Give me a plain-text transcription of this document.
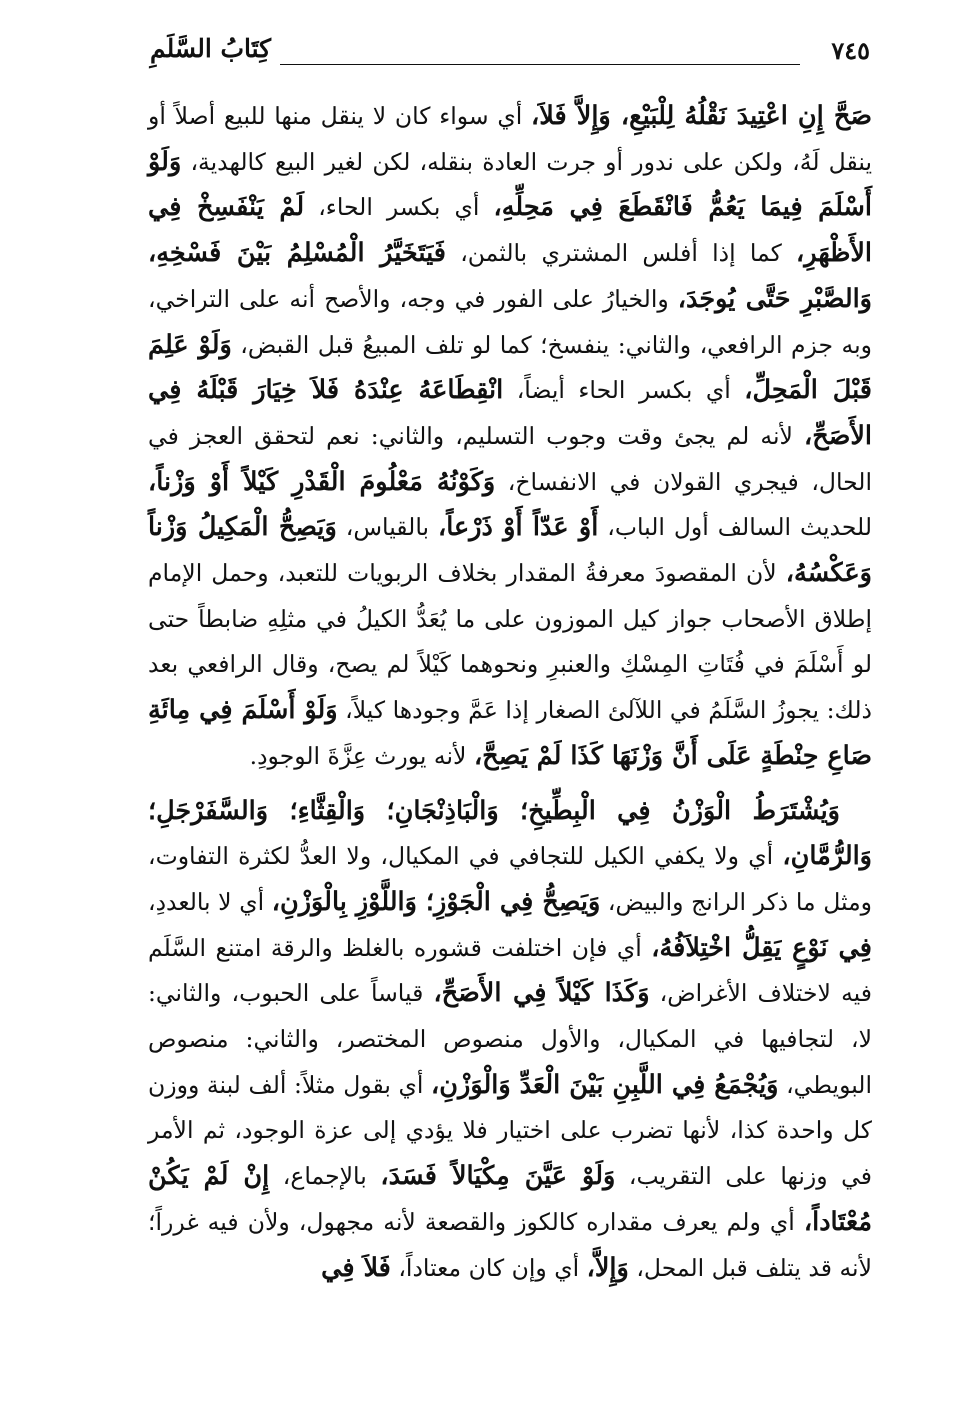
٧٤٥
كِتَابُ السَّلَمِ

صَحَّ إِنِ اعْتِيدَ نَقْلُهُ لِلْبَيْعِ، وَإِلاَّ فَلاَ، أي سواء كان لا ينقل منها للبيع أصلاً أو ينقل لَهُ، ولكن على ندور أو جرت العادة بنقله، لكن لغير البيع كالهدية، وَلَوْ أَسْلَمَ فِيمَا يَعُمُّ فَانْقَطَعَ فِي مَحِلِّهِ، أي بكسر الحاء، لَمْ يَنْفَسِخْ فِي الأَظْهَرِ، كما إذا أفلس المشتري بالثمن، فَيَتَخَيَّرُ الْمُسْلِمُ بَيْنَ فَسْخِهِ، وَالصَّبْرِ حَتَّى يُوجَدَ، والخيارُ على الفور في وجه، والأصح أنه على التراخي، وبه جزم الرافعي، والثاني: ينفسخ؛ كما لو تلف المبيعُ قبل القبض، وَلَوْ عَلِمَ قَبْلَ الْمَحِلِّ، أي بكسر الحاء أيضاً، انْقِطَاعَهُ عِنْدَهُ فَلاَ خِيَارَ قَبْلَهُ فِي الأَصَحِّ، لأنه لم يجئ وقت وجوب التسليم، والثاني: نعم لتحقق العجز في الحال، فيجري القولان في الانفساخ، وَكَوْنُهُ مَعْلُومَ الْقَدْرِ كَيْلاً أَوْ وَزْناً، للحديث السالف أول الباب، أَوْ عَدّاً أَوْ ذَرْعاً، بالقياس، وَيَصِحُّ الْمَكِيلُ وَزْناً وَعَكْسُهُ، لأن المقصودَ معرفةُ المقدار بخلاف الربويات للتعبد، وحمل الإمام إطلاق الأصحاب جواز كيل الموزون على ما يُعَدُّ الكيلُ في مثلِهِ ضابطاً حتى لو أَسْلَمَ في فُتَاتِ المِسْكِ والعنبرِ ونحوهما كَيْلاً لم يصح، وقال الرافعي بعد ذلك: يجوزُ السَّلَمُ في اللآلئ الصغار إذا عَمَّ وجودها كيلاً، وَلَوْ أَسْلَمَ فِي مِائَةِ صَاعِ حِنْطَةٍ عَلَى أَنَّ وَزْنَهَا كَذَا لَمْ يَصِحَّ، لأنه يورث عِزَّةَ الوجودِ.

وَيُشْتَرَطُ الْوَزْنُ فِي الْبِطِّيخِ؛ وَالْبَاذِنْجَانِ؛ وَالْقِثَّاءِ؛ وَالسَّفَرْجَلِ؛ وَالرُّمَّانِ، أي ولا يكفي الكيل للتجافي في المكيال، ولا العدُّ لكثرة التفاوت، ومثل ما ذكر الرانج والبيض، وَيَصِحُّ فِي الْجَوْزِ؛ وَاللَّوْزِ بِالْوَزْنِ، أي لا بالعددِ، فِي نَوْعٍ يَقِلُّ اخْتِلاَفُهُ، أي فإن اختلفت قشوره بالغلظ والرقة امتنع السَّلَم فيه لاختلاف الأغراض، وَكَذَا كَيْلاً فِي الأَصَحِّ، قياساً على الحبوب، والثاني: لا، لتجافيها في المكيال، والأول منصوص المختصر، والثاني: منصوص البويطي، وَيُجْمَعُ فِي اللَّبِنِ بَيْنَ الْعَدِّ وَالْوَزْنِ، أي بقول مثلاً: ألف لبنة ووزن كل واحدة كذا، لأنها تضرب على اختيار فلا يؤدي إلى عزة الوجود، ثم الأمر في وزنها على التقريب، وَلَوْ عَيَّنَ مِكْيَالاً فَسَدَ، بالإجماع، إِنْ لَمْ يَكُنْ مُعْتَاداً، أي ولم يعرف مقداره كالكوز والقصعة لأنه مجهول، ولأن فيه غرراً؛ لأنه قد يتلف قبل المحل، وَإِلاَّ، أي وإن كان معتاداً، فَلاَ فِي
